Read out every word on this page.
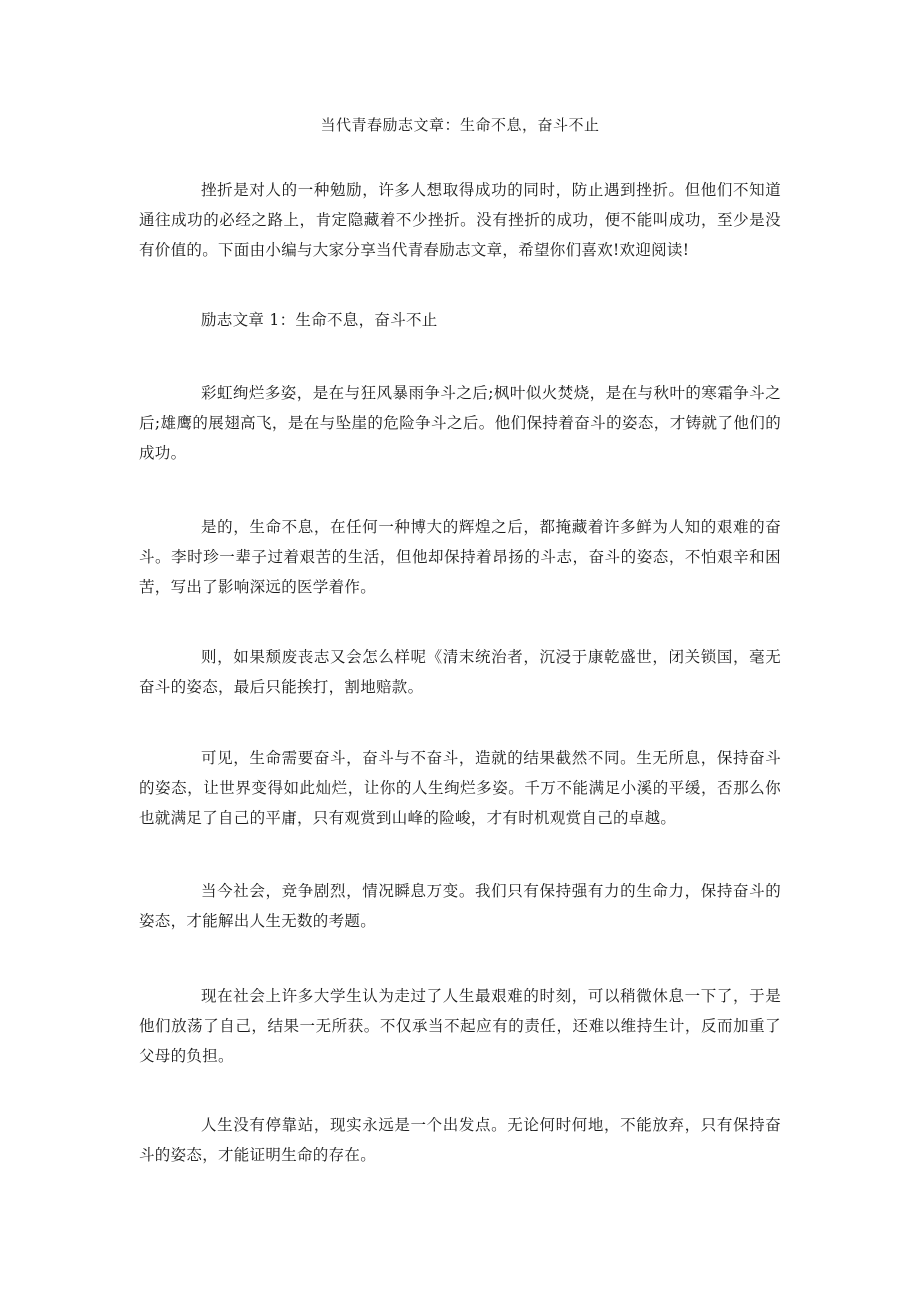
当代青春励志文章：生命不息，奋斗不止

挫折是对人的一种勉励，许多人想取得成功的同时，防止遇到挫折。但他们不知道通往成功的必经之路上，肯定隐藏着不少挫折。没有挫折的成功，便不能叫成功，至少是没有价值的。下面由小编与大家分享当代青春励志文章，希望你们喜欢!欢迎阅读!

励志文章 1：生命不息，奋斗不止

彩虹绚烂多姿，是在与狂风暴雨争斗之后;枫叶似火焚烧，是在与秋叶的寒霜争斗之后;雄鹰的展翅高飞，是在与坠崖的危险争斗之后。他们保持着奋斗的姿态，才铸就了他们的成功。

是的，生命不息，在任何一种博大的辉煌之后，都掩藏着许多鲜为人知的艰难的奋斗。李时珍一辈子过着艰苦的生活，但他却保持着昂扬的斗志，奋斗的姿态，不怕艰辛和困苦，写出了影响深远的医学着作。

则，如果颓废丧志又会怎么样呢《清末统治者，沉浸于康乾盛世，闭关锁国，毫无奋斗的姿态，最后只能挨打，割地赔款。

可见，生命需要奋斗，奋斗与不奋斗，造就的结果截然不同。生无所息，保持奋斗的姿态，让世界变得如此灿烂，让你的人生绚烂多姿。千万不能满足小溪的平缓，否那么你也就满足了自己的平庸，只有观赏到山峰的险峻，才有时机观赏自己的卓越。

当今社会，竞争剧烈，情况瞬息万变。我们只有保持强有力的生命力，保持奋斗的姿态，才能解出人生无数的考题。

现在社会上许多大学生认为走过了人生最艰难的时刻，可以稍微休息一下了，于是他们放荡了自己，结果一无所获。不仅承当不起应有的责任，还难以维持生计，反而加重了父母的负担。

人生没有停靠站，现实永远是一个出发点。无论何时何地，不能放弃，只有保持奋斗的姿态，才能证明生命的存在。
